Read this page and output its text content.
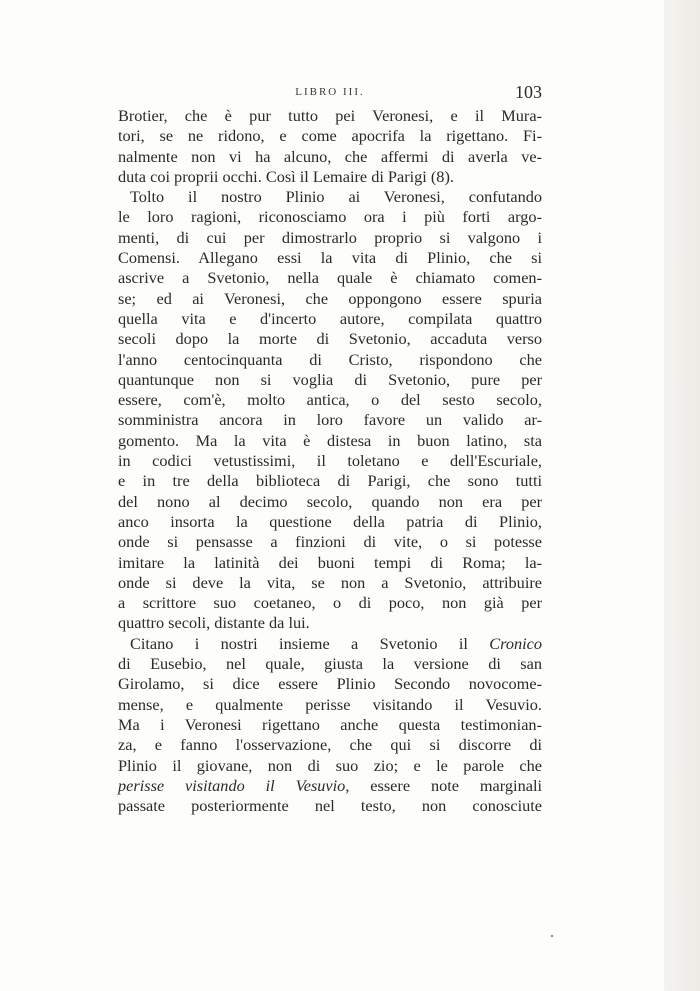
LIBRO III.	103
Brotier, che è pur tutto pei Veronesi, e il Mura-
tori, se ne ridono, e come apocrifa la rigettano. Fi-
nalmente non vi ha alcuno, che affermi di averla ve-
duta coi proprii occhi. Così il Lemaire di Parigi (8).
Tolto il nostro Plinio ai Veronesi, confutando
le loro ragioni, riconosciamo ora i più forti argo-
menti, di cui per dimostrarlo proprio si valgono i
Comensi. Allegano essi la vita di Plinio, che si
ascrive a Svetonio, nella quale è chiamato comen-
se; ed ai Veronesi, che oppongono essere spuria
quella vita e d'incerto autore, compilata quattro
secoli dopo la morte di Svetonio, accaduta verso
l'anno centocinquanta di Cristo, rispondono che
quantunque non si voglia di Svetonio, pure per
essere, com'è, molto antica, o del sesto secolo,
somministra ancora in loro favore un valido ar-
gomento. Ma la vita è distesa in buon latino, sta
in codici vetustissimi, il toletano e dell'Escuriale,
e in tre della biblioteca di Parigi, che sono tutti
del nono al decimo secolo, quando non era per
anco insorta la questione della patria di Plinio,
onde si pensasse a finzioni di vite, o si potesse
imitare la latinità dei buoni tempi di Roma; la-
onde si deve la vita, se non a Svetonio, attribuire
a scrittore suo coetaneo, o di poco, non già per
quattro secoli, distante da lui.
Citano i nostri insieme a Svetonio il Cronico
di Eusebio, nel quale, giusta la versione di san
Girolamo, si dice essere Plinio Secondo novocome-
mense, e qualmente perisse visitando il Vesuvio.
Ma i Veronesi rigettano anche questa testimonian-
za, e fanno l'osservazione, che qui si discorre di
Plinio il giovane, non di suo zio; e le parole che
perisse visitando il Vesuvio, essere note marginali
passate posteriormente nel testo, non conosciute
